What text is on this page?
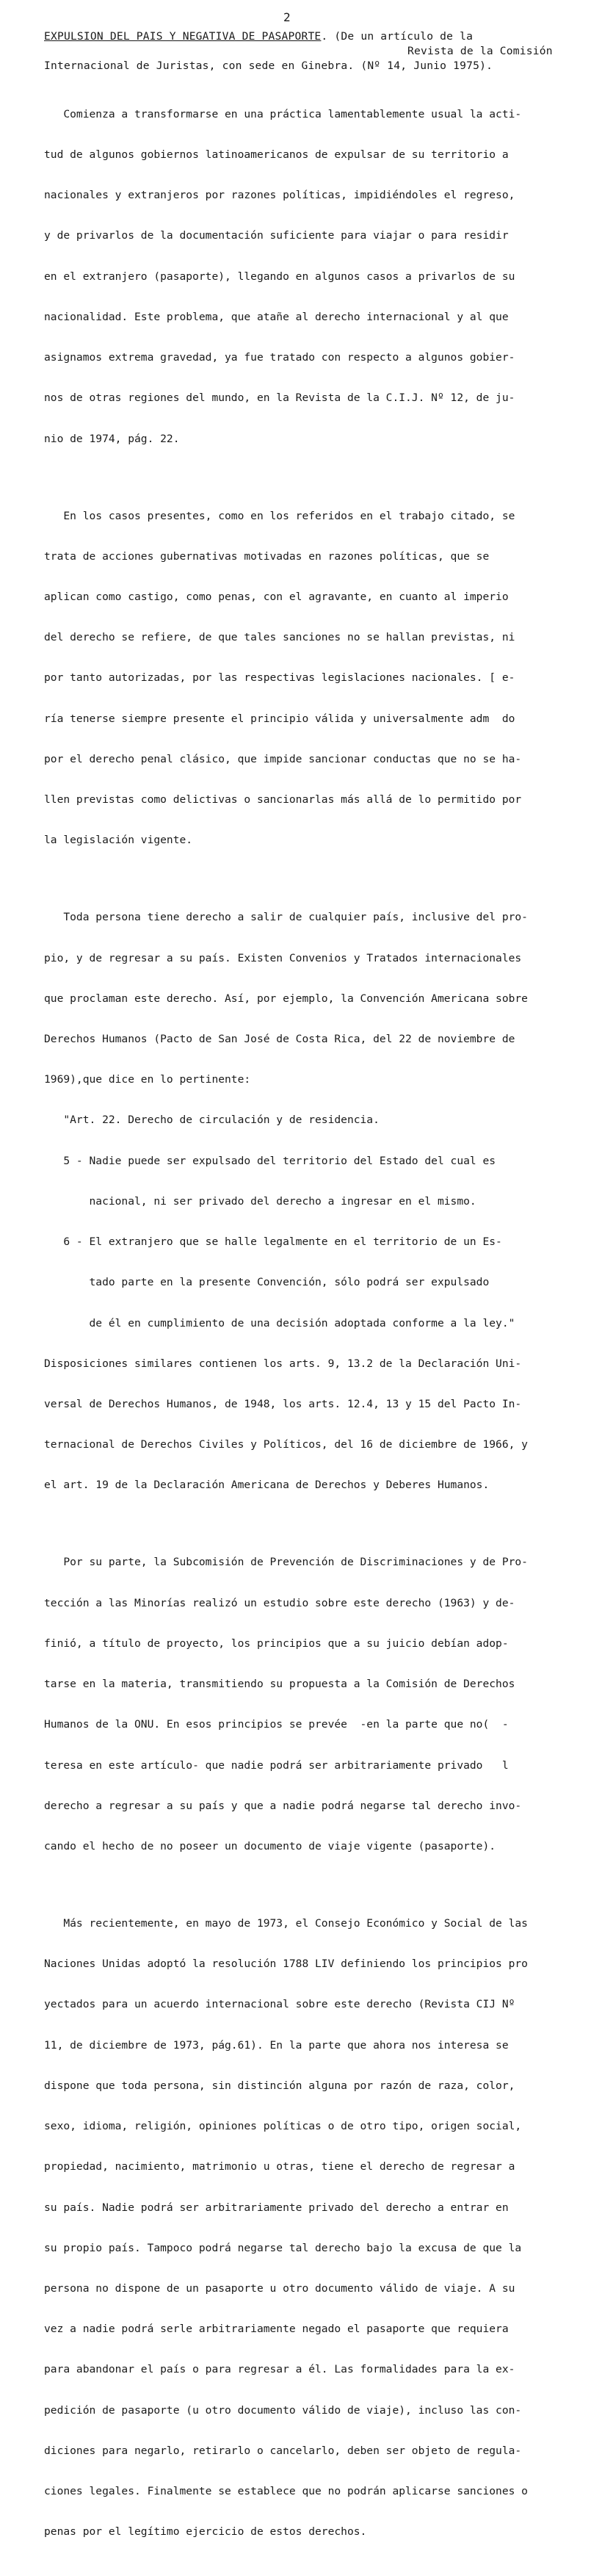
2
EXPULSION DEL PAIS Y NEGATIVA DE PASAPORTE. (De un artículo de la
Revista de la Comisión
Internacional de Juristas, con sede en Ginebra. (Nº 14, Junio 1975).

Comienza a transformarse en una práctica lamentablemente usual la acti-

tud de algunos gobiernos latinoamericanos de expulsar de su territorio a

nacionales y extranjeros por razones políticas, impidiéndoles el regreso,

y de privarlos de la documentación suficiente para viajar o para residir

en el extranjero (pasaporte), llegando en algunos casos a privarlos de su

nacionalidad. Este problema, que atañe al derecho internacional y al que

asignamos extrema gravedad, ya fue tratado con respecto a algunos gobier-

nos de otras regiones del mundo, en la Revista de la C.I.J. Nº 12, de ju-

nio de 1974, pág. 22.

En los casos presentes, como en los referidos en el trabajo citado, se

trata de acciones gubernativas motivadas en razones políticas, que se

aplican como castigo, como penas, con el agravante, en cuanto al imperio

del derecho se refiere, de que tales sanciones no se hallan previstas, ni

por tanto autorizadas, por las respectivas legislaciones nacionales. [ e-

ría tenerse siempre presente el principio válida y universalmente adm  do

por el derecho penal clásico, que impide sancionar conductas que no se ha-

llen previstas como delictivas o sancionarlas más allá de lo permitido por

la legislación vigente.

Toda persona tiene derecho a salir de cualquier país, inclusive del pro-

pio, y de regresar a su país. Existen Convenios y Tratados internacionales

que proclaman este derecho. Así, por ejemplo, la Convención Americana sobre

Derechos Humanos (Pacto de San José de Costa Rica, del 22 de noviembre de

1969),que dice en lo pertinente:

"Art. 22. Derecho de circulación y de residencia.

5 - Nadie puede ser expulsado del territorio del Estado del cual es

nacional, ni ser privado del derecho a ingresar en el mismo.

6 - El extranjero que se halle legalmente en el territorio de un Es-

tado parte en la presente Convención, sólo podrá ser expulsado

de él en cumplimiento de una decisión adoptada conforme a la ley."

Disposiciones similares contienen los arts. 9, 13.2 de la Declaración Uni-

versal de Derechos Humanos, de 1948, los arts. 12.4, 13 y 15 del Pacto In-

ternacional de Derechos Civiles y Políticos, del 16 de diciembre de 1966, y

el art. 19 de la Declaración Americana de Derechos y Deberes Humanos.

Por su parte, la Subcomisión de Prevención de Discriminaciones y de Pro-

tección a las Minorías realizó un estudio sobre este derecho (1963) y de-

finió, a título de proyecto, los principios que a su juicio debían adop-

tarse en la materia, transmitiendo su propuesta a la Comisión de Derechos

Humanos de la ONU. En esos principios se prevée  -en la parte que no(  -

teresa en este artículo- que nadie podrá ser arbitrariamente privado   l

derecho a regresar a su país y que a nadie podrá negarse tal derecho invo-

cando el hecho de no poseer un documento de viaje vigente (pasaporte).

Más recientemente, en mayo de 1973, el Consejo Económico y Social de las

Naciones Unidas adoptó la resolución 1788 LIV definiendo los principios pro

yectados para un acuerdo internacional sobre este derecho (Revista CIJ Nº

11, de diciembre de 1973, pág.61). En la parte que ahora nos interesa se

dispone que toda persona, sin distinción alguna por razón de raza, color,

sexo, idioma, religión, opiniones políticas o de otro tipo, origen social,

propiedad, nacimiento, matrimonio u otras, tiene el derecho de regresar a

su país. Nadie podrá ser arbitrariamente privado del derecho a entrar en

su propio país. Tampoco podrá negarse tal derecho bajo la excusa de que la

persona no dispone de un pasaporte u otro documento válido de viaje. A su

vez a nadie podrá serle arbitrariamente negado el pasaporte que requiera

para abandonar el país o para regresar a él. Las formalidades para la ex-

pedición de pasaporte (u otro documento válido de viaje), incluso las con-

diciones para negarlo, retirarlo o cancelarlo, deben ser objeto de regula-

ciones legales. Finalmente se establece que no podrán aplicarse sanciones o

penas por el legítimo ejercicio de estos derechos.
